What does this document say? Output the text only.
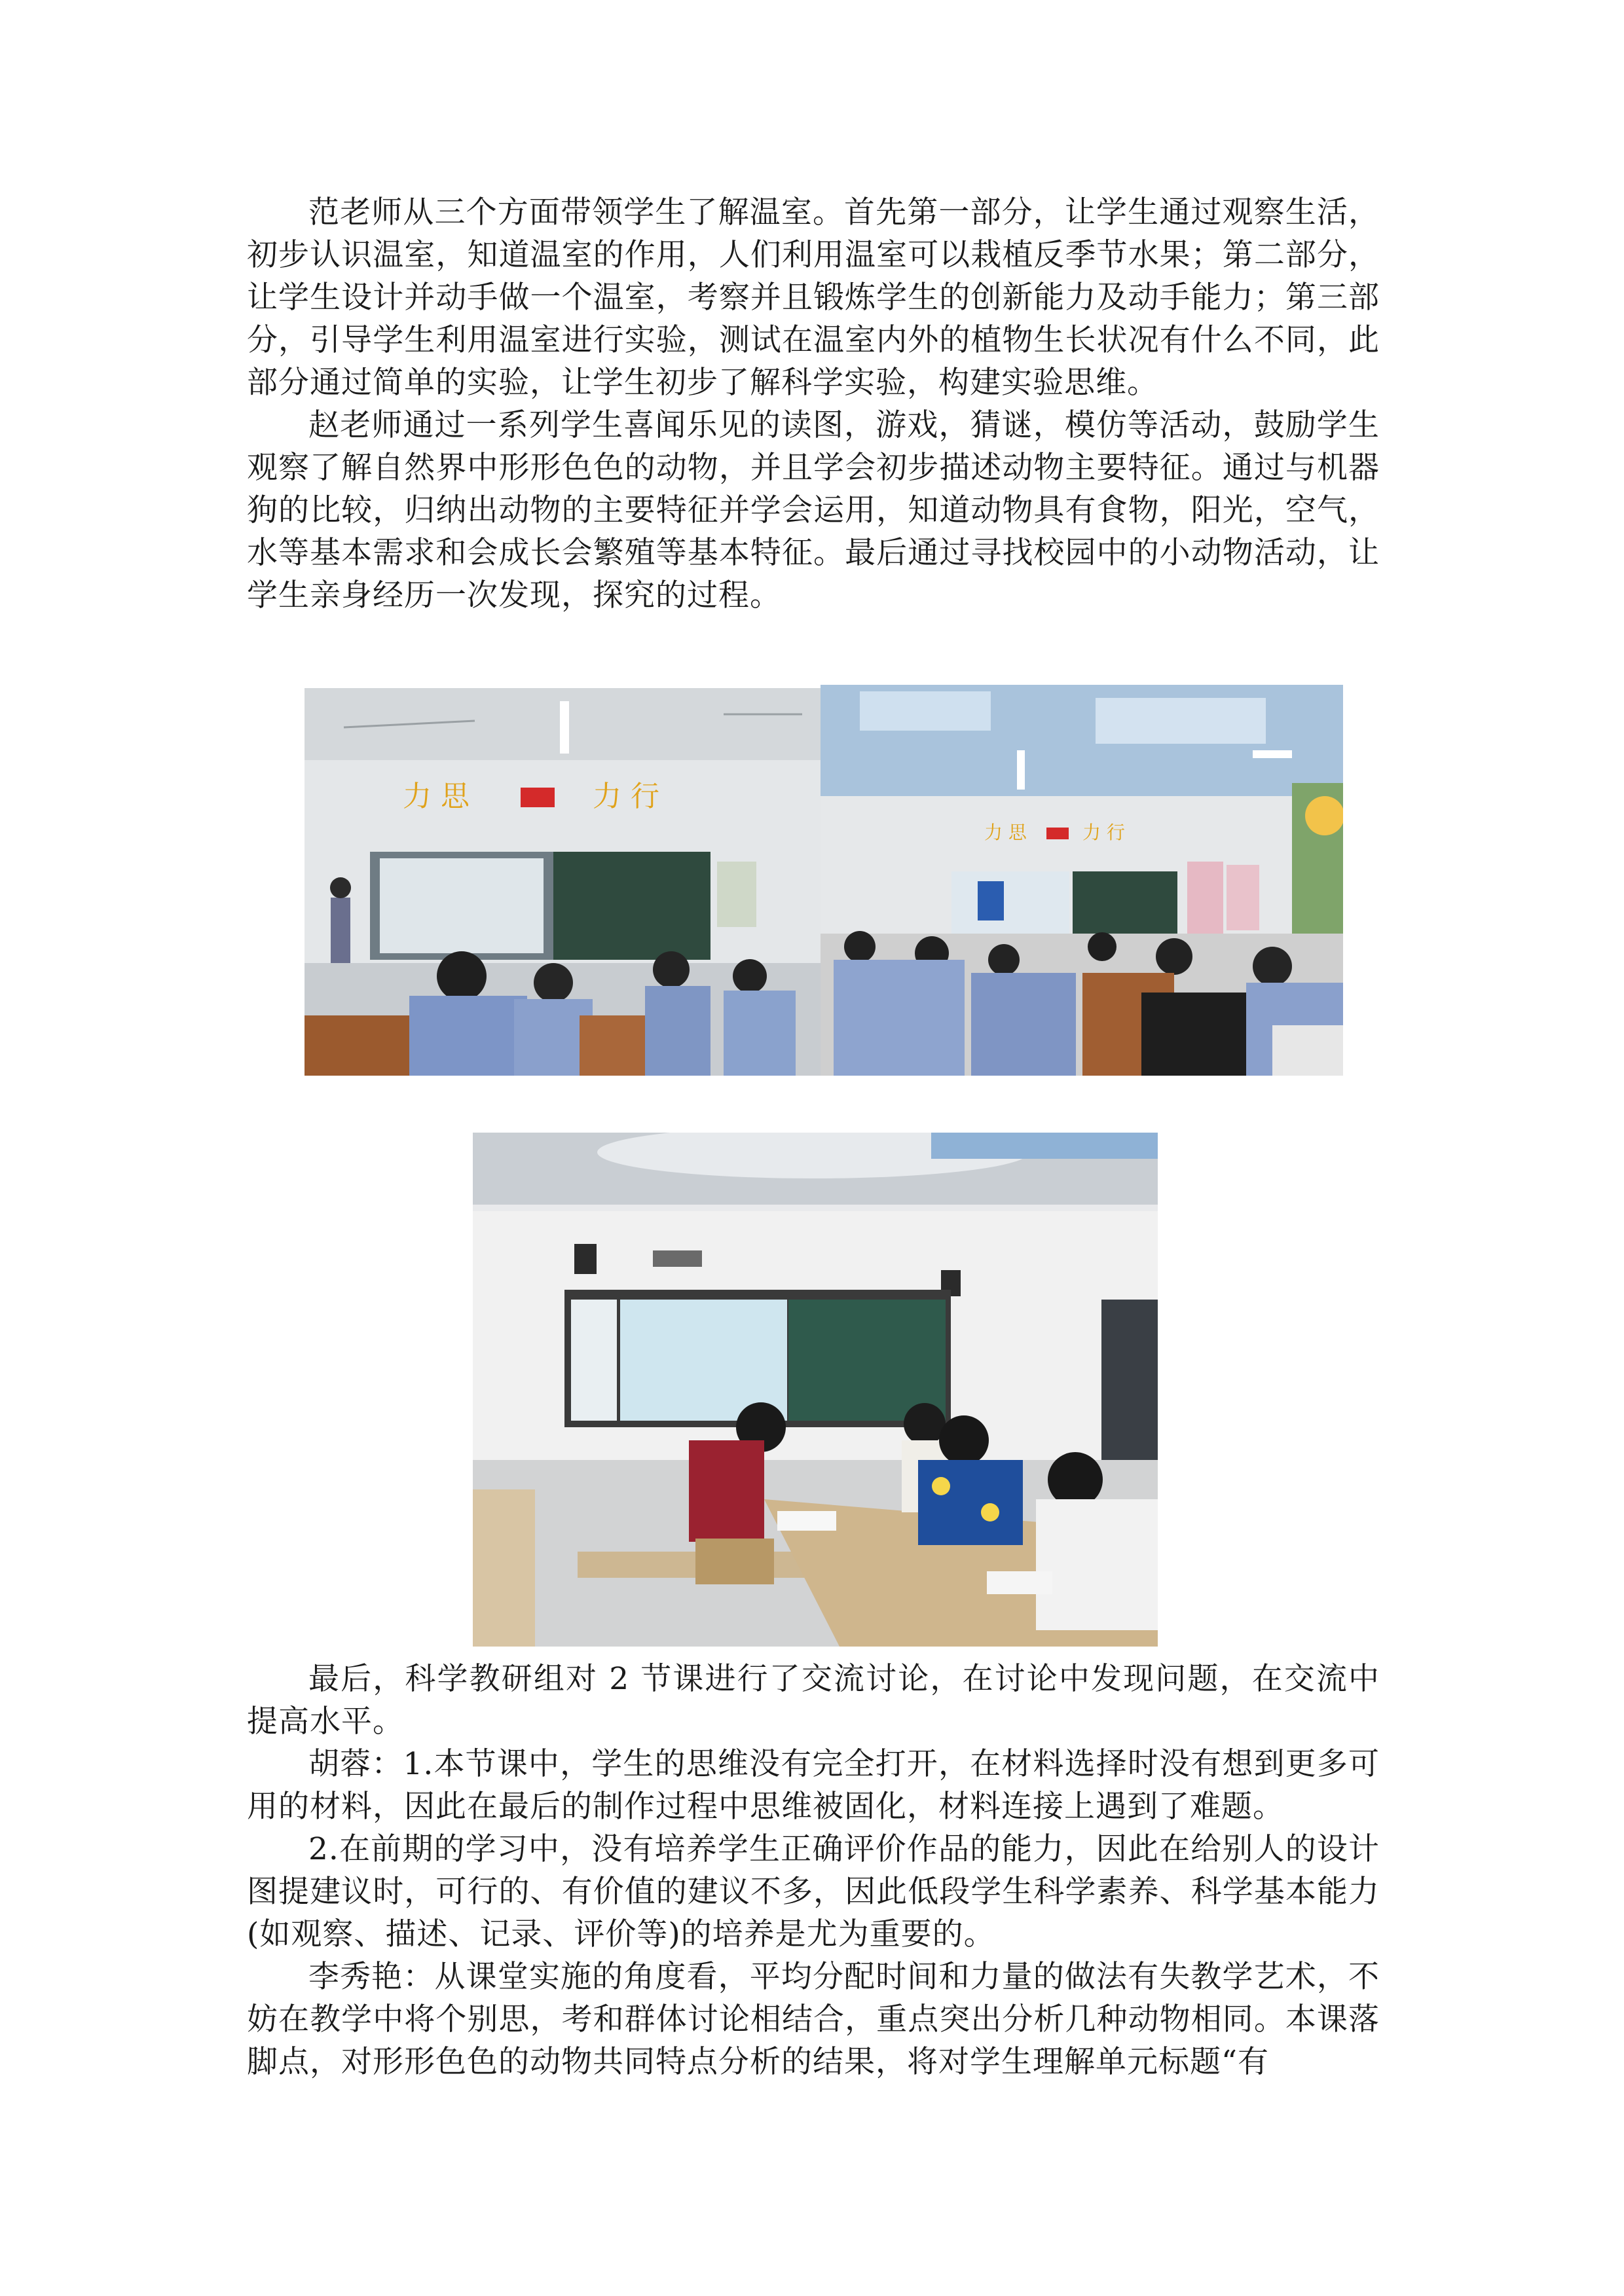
范老师从三个方面带领学生了解温室。首先第一部分，让学生通过观察生活，初步认识温室，知道温室的作用，人们利用温室可以栽植反季节水果；第二部分，让学生设计并动手做一个温室，考察并且锻炼学生的创新能力及动手能力；第三部分，引导学生利用温室进行实验，测试在温室内外的植物生长状况有什么不同，此部分通过简单的实验，让学生初步了解科学实验，构建实验思维。

赵老师通过一系列学生喜闻乐见的读图，游戏，猜谜，模仿等活动，鼓励学生观察了解自然界中形形色色的动物，并且学会初步描述动物主要特征。通过与机器狗的比较，归纳出动物的主要特征并学会运用，知道动物具有食物，阳光，空气，水等基本需求和会成长会繁殖等基本特征。最后通过寻找校园中的小动物活动，让学生亲身经历一次发现，探究的过程。

力 思	力 行
力 思	力 行

最后，科学教研组对 2 节课进行了交流讨论，在讨论中发现问题，在交流中提高水平。

胡蓉：1.本节课中，学生的思维没有完全打开，在材料选择时没有想到更多可用的材料，因此在最后的制作过程中思维被固化，材料连接上遇到了难题。

2.在前期的学习中，没有培养学生正确评价作品的能力，因此在给别人的设计图提建议时，可行的、有价值的建议不多，因此低段学生科学素养、科学基本能力(如观察、描述、记录、评价等)的培养是尤为重要的。

李秀艳：从课堂实施的角度看，平均分配时间和力量的做法有失教学艺术，不妨在教学中将个别思，考和群体讨论相结合，重点突出分析几种动物相同。本课落脚点，对形形色色的动物共同特点分析的结果，将对学生理解单元标题“有
